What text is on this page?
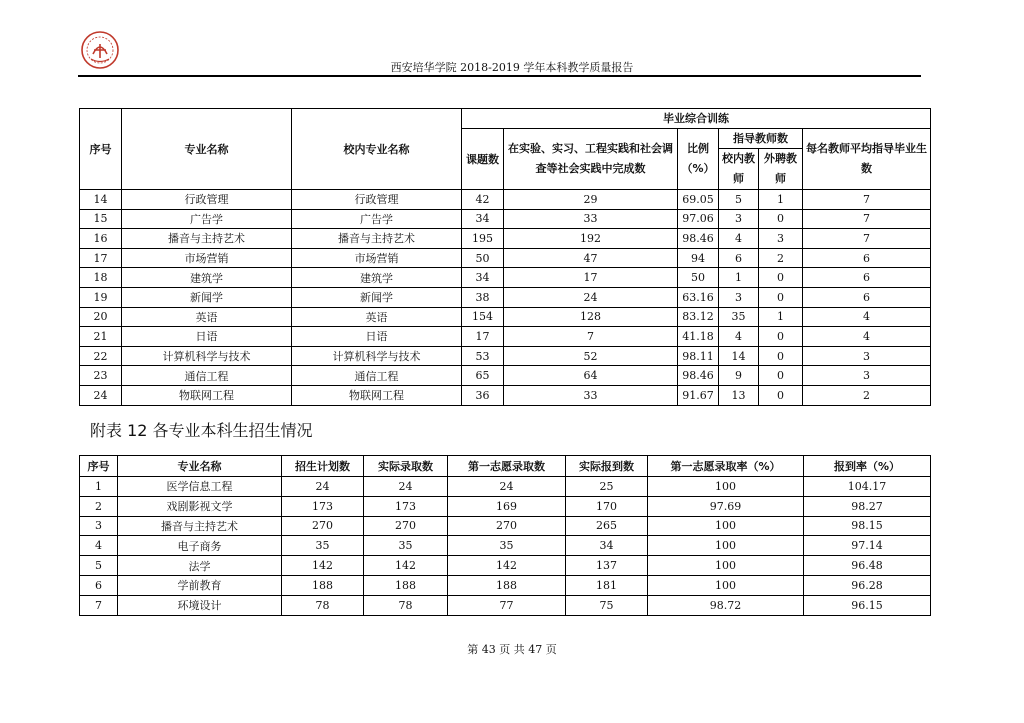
西安培华学院 2018-2019 学年本科教学质量报告
序号	专业名称	校内专业名称	毕业综合训练					
			课题数	在实验、实习、工程实践和社会调查等社会实践中完成数	比例（%）	指导教师数		每名教师平均指导毕业生数
						校内教师	外聘教师	
14	行政管理	行政管理	42	29	69.05	5	1	7
15	广告学	广告学	34	33	97.06	3	0	7
16	播音与主持艺术	播音与主持艺术	195	192	98.46	4	3	7
17	市场营销	市场营销	50	47	94	6	2	6
18	建筑学	建筑学	34	17	50	1	0	6
19	新闻学	新闻学	38	24	63.16	3	0	6
20	英语	英语	154	128	83.12	35	1	4
21	日语	日语	17	7	41.18	4	0	4
22	计算机科学与技术	计算机科学与技术	53	52	98.11	14	0	3
23	通信工程	通信工程	65	64	98.46	9	0	3
24	物联网工程	物联网工程	36	33	91.67	13	0	2
附表 12 各专业本科生招生情况
序号	专业名称	招生计划数	实际录取数	第一志愿录取数	实际报到数	第一志愿录取率（%）	报到率（%）
1	医学信息工程	24	24	24	25	100	104.17
2	戏剧影视文学	173	173	169	170	97.69	98.27
3	播音与主持艺术	270	270	270	265	100	98.15
4	电子商务	35	35	35	34	100	97.14
5	法学	142	142	142	137	100	96.48
6	学前教育	188	188	188	181	100	96.28
7	环境设计	78	78	77	75	98.72	96.15
第 43 页 共 47 页
